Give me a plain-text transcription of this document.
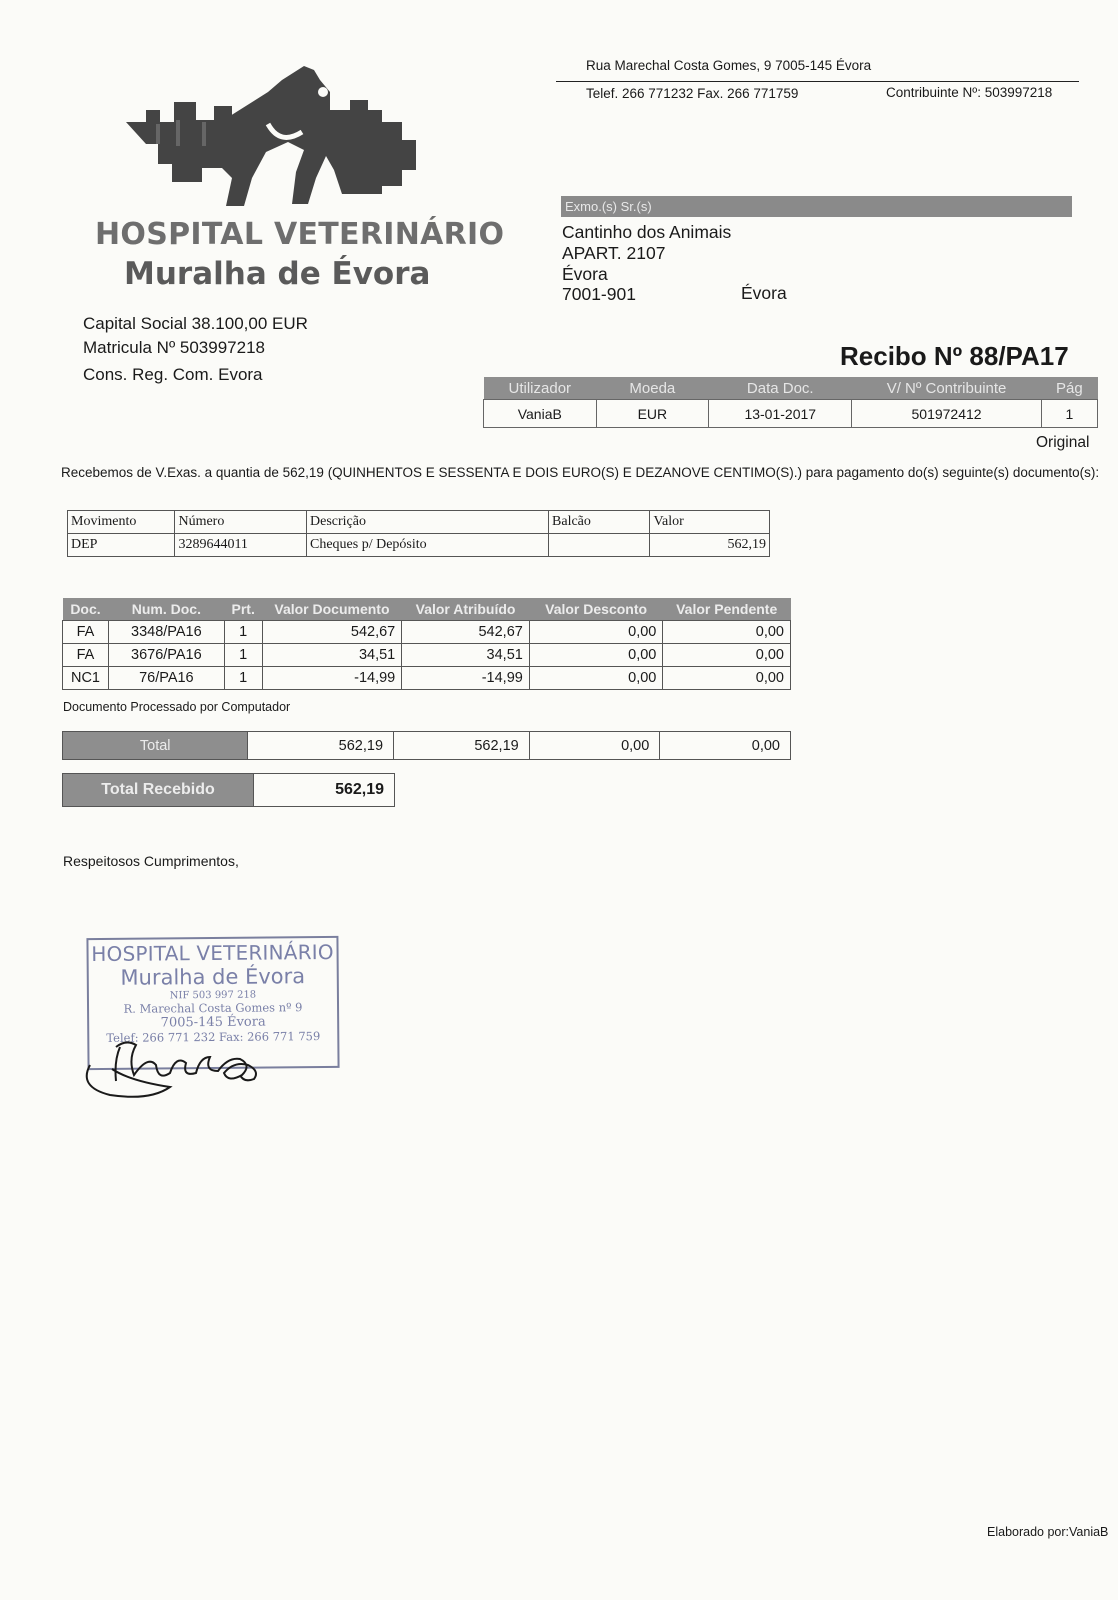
Rua Marechal Costa Gomes, 9 7005-145 Évora
Telef. 266 771232 Fax. 266 771759	Contribuinte Nº: 503997218
HOSPITAL VETERINÁRIO
Muralha de Évora
Capital Social 38.100,00 EUR
Matricula Nº 503997218
Cons. Reg. Com. Evora
Exmo.(s) Sr.(s)
Cantinho dos Animais
APART. 2107
Évora
7001-901	Évora
Recibo Nº 88/PA17
Utilizador	Moeda	Data Doc.	V/ Nº Contribuinte	Pág
VaniaB	EUR	13-01-2017	501972412	1
Original
Recebemos de V.Exas. a quantia de 562,19 (QUINHENTOS E SESSENTA E DOIS EURO(S) E DEZANOVE CENTIMO(S).) para pagamento do(s) seguinte(s) documento(s):
Movimento	Número	Descrição	Balcão	Valor
DEP	3289644011	Cheques p/ Depósito		562,19
Doc.	Num. Doc.	Prt.	Valor Documento	Valor Atribuído	Valor Desconto	Valor Pendente
FA	3348/PA16	1	542,67	542,67	0,00	0,00
FA	3676/PA16	1	34,51	34,51	0,00	0,00
NC1	76/PA16	1	-14,99	-14,99	0,00	0,00
Documento Processado por Computador
Total	562,19	562,19	0,00	0,00
Total Recebido	562,19
Respeitosos Cumprimentos,
HOSPITAL VETERINÁRIO
Muralha de Évora
NIF 503 997 218
R. Marechal Costa Gomes nº 9
7005-145 Évora
Telef: 266 771 232 Fax: 266 771 759
Elaborado por:VaniaB
